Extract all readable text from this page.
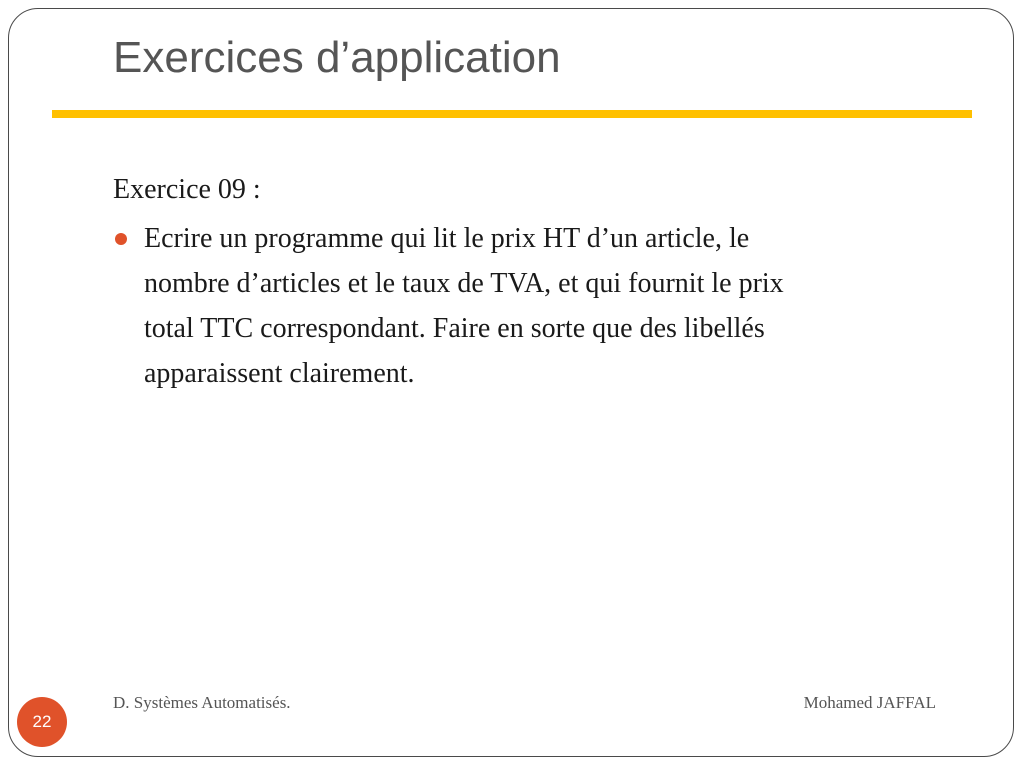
Exercices d’application

Exercice 09 :

Ecrire un programme qui lit le prix HT d’un article, le
nombre d’articles et le taux de TVA, et qui fournit le prix
total TTC correspondant. Faire en sorte que des libellés
apparaissent clairement.
D. Systèmes Automatisés.	Mohamed JAFFAL
22
